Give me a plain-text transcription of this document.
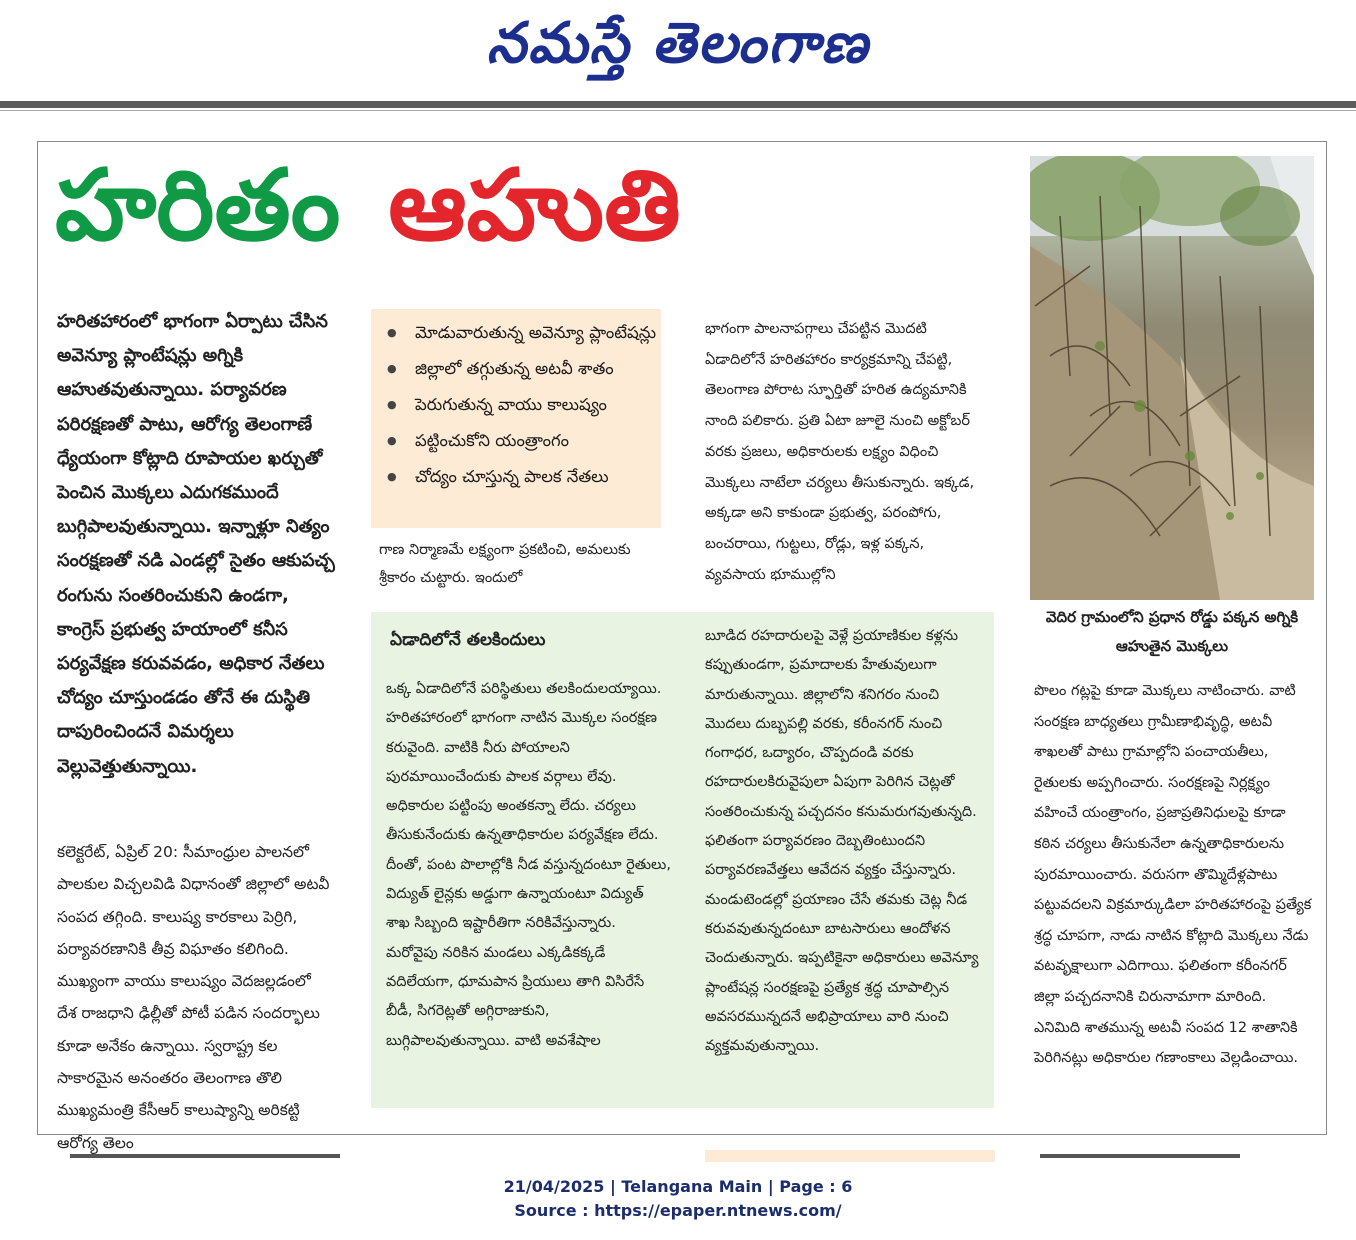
నమస్తే తెలంగాణ
హరితం ఆహుతి

హరితహారంలో భాగంగా ఏర్పాటు చేసిన అవెన్యూ ప్లాంటేషన్లు అగ్నికి ఆహుతవుతున్నాయి. పర్యావరణ పరిరక్షణతో పాటు, ఆరోగ్య తెలంగాణే ధ్యేయంగా కోట్లాది రూపాయల ఖర్చుతో పెంచిన మొక్కలు ఎదుగకముందే బుగ్గిపాలవుతున్నాయి. ఇన్నాళ్లూ నిత్యం సంరక్షణతో నడి ఎండల్లో సైతం ఆకుపచ్చ రంగును సంతరించుకుని ఉండగా, కాంగ్రెస్ ప్రభుత్వ హయాంలో కనీస పర్యవేక్షణ కరువవడం, అధికార నేతలు చోద్యం చూస్తుండడం తోనే ఈ దుస్థితి దాపురించిందనే విమర్శలు వెల్లువెత్తుతున్నాయి.

కలెక్టరేట్, ఏప్రిల్ 20: సీమాంధ్రుల పాలనలో పాలకుల విచ్చలవిడి విధానంతో జిల్లాలో అటవీ సంపద తగ్గింది. కాలుష్య కారకాలు పెర్రిగి, పర్యావరణానికి తీవ్ర విఘాతం కలిగింది. ముఖ్యంగా వాయు కాలుష్యం వెదజల్లడంలో దేశ రాజధాని ఢిల్లీతో పోటీ పడిన సందర్భాలు కూడా అనేకం ఉన్నాయి. స్వరాష్ట్ర కల సాకారమైన అనంతరం తెలంగాణ తొలి ముఖ్యమంత్రి కేసీఆర్ కాలుష్యాన్ని అరికట్టి ఆరోగ్య తెలం

● మోడువారుతున్న అవెన్యూ ప్లాంటేషన్లు
● జిల్లాలో తగ్గుతున్న అటవీ శాతం
● పెరుగుతున్న వాయు కాలుష్యం
● పట్టించుకోని యంత్రాంగం
● చోద్యం చూస్తున్న పాలక నేతలు

గాణ నిర్మాణమే లక్ష్యంగా ప్రకటించి, అమలుకు శ్రీకారం చుట్టారు. ఇందులో

భాగంగా పాలనాపగ్గాలు చేపట్టిన మొదటి ఏడాదిలోనే హరితహారం కార్యక్రమాన్ని చేపట్టి, తెలంగాణ పోరాట స్ఫూర్తితో హరిత ఉద్యమానికి నాంది పలికారు. ప్రతి ఏటా జూలై నుంచి అక్టోబర్ వరకు ప్రజలు, అధికారులకు లక్ష్యం విధించి మొక్కలు నాటేలా చర్యలు తీసుకున్నారు. ఇక్కడ, అక్కడా అని కాకుండా ప్రభుత్వ, పరంపోగు, బంచరాయి, గుట్టలు, రోడ్లు, ఇళ్ల పక్కన, వ్యవసాయ భూముల్లోని

ఏడాదిలోనే తలకిందులు

ఒక్క ఏడాదిలోనే పరిస్థితులు తలకిందులయ్యాయి. హరితహారంలో భాగంగా నాటిన మొక్కల సంరక్షణ కరువైంది. వాటికి నీరు పోయాలని పురమాయించేందుకు పాలక వర్గాలు లేవు. అధికారుల పట్టింపు అంతకన్నా లేదు. చర్యలు తీసుకునేందుకు ఉన్నతాధికారుల పర్యవేక్షణ లేదు. దీంతో, పంట పొలాల్లోకి నీడ వస్తున్నదంటూ రైతులు, విద్యుత్ లైన్లకు అడ్డుగా ఉన్నాయంటూ విద్యుత్ శాఖ సిబ్బంది ఇష్టారీతిగా నరికివేస్తున్నారు. మరోవైపు నరికిన మండలు ఎక్కడికక్కడే వదిలేయగా, ధూమపాన ప్రియులు తాగి విసిరేసే బీడీ, సిగరెట్లతో అగ్గిరాజుకుని, బుగ్గిపాలవుతున్నాయి. వాటి అవశేషాల

బూడిద రహదారులపై వెళ్లే ప్రయాణికుల కళ్లను కప్పుతుండగా, ప్రమాదాలకు హేతువులుగా మారుతున్నాయి. జిల్లాలోని శనిగరం నుంచి మొదలు దుబ్బపల్లి వరకు, కరీంనగర్ నుంచి గంగాధర, ఒద్యారం, చొప్పదండి వరకు రహదారులకిరువైపులా ఏపుగా పెరిగిన చెట్లతో సంతరించుకున్న పచ్చదనం కనుమరుగవుతున్నది. ఫలితంగా పర్యావరణం దెబ్బతింటుందని పర్యావరణవేత్తలు ఆవేదన వ్యక్తం చేస్తున్నారు. మండుటెండల్లో ప్రయాణం చేసే తమకు చెట్ల నీడ కరువవుతున్నదంటూ బాటసారులు ఆందోళన చెందుతున్నారు. ఇప్పటికైనా అధికారులు అవెన్యూ ప్లాంటేషన్ల సంరక్షణపై ప్రత్యేక శ్రద్ధ చూపాల్సిన అవసరమున్నదనే అభిప్రాయాలు వారి నుంచి వ్యక్తమవుతున్నాయి.

వెదిర గ్రామంలోని ప్రధాన రోడ్డు పక్కన అగ్నికి ఆహుతైన మొక్కలు

పొలం గట్లపై కూడా మొక్కలు నాటించారు. వాటి సంరక్షణ బాధ్యతలు గ్రామీణాభివృద్ధి, అటవీ శాఖలతో పాటు గ్రామాల్లోని పంచాయతీలు, రైతులకు అప్పగించారు. సంరక్షణపై నిర్లక్ష్యం వహించే యంత్రాంగం, ప్రజాప్రతినిధులపై కూడా కఠిన చర్యలు తీసుకునేలా ఉన్నతాధికారులను పురమాయించారు. వరుసగా తొమ్మిదేళ్లపాటు పట్టువదలని విక్రమార్కుడిలా హరితహారంపై ప్రత్యేక శ్రద్ధ చూపగా, నాడు నాటిన కోట్లాది మొక్కలు నేడు వటవృక్షాలుగా ఎదిగాయి. ఫలితంగా కరీంనగర్ జిల్లా పచ్చదనానికి చిరునామాగా మారింది. ఎనిమిది శాతమున్న అటవీ సంపద 12 శాతానికి పెరిగినట్లు అధికారుల గణాంకాలు వెల్లడించాయి.

21/04/2025 | Telangana Main | Page : 6
Source : https://epaper.ntnews.com/
